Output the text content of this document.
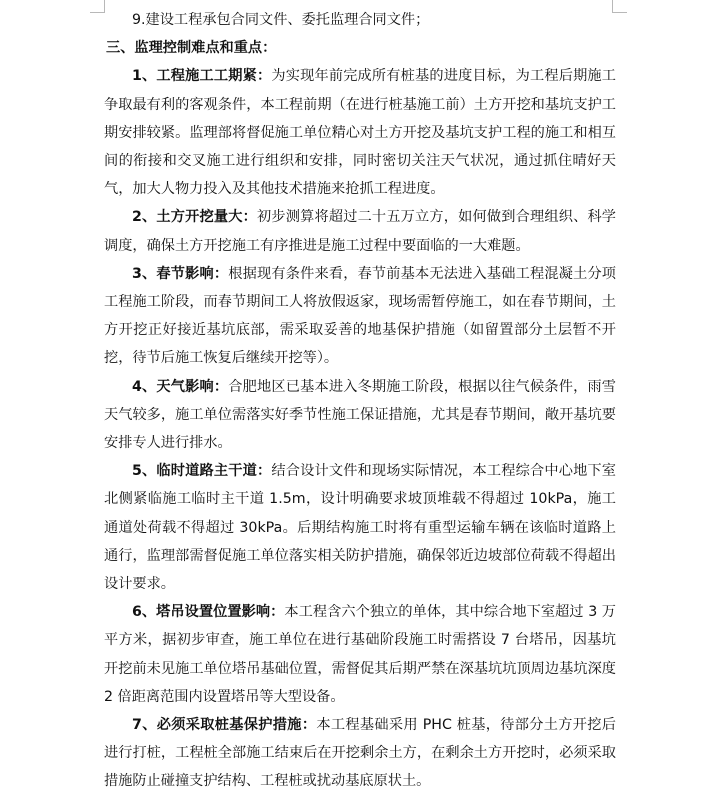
9.建设工程承包合同文件、委托监理合同文件；

三、监理控制难点和重点：

1、工程施工工期紧：为实现年前完成所有桩基的进度目标，为工程后期施工争取最有利的客观条件，本工程前期（在进行桩基施工前）土方开挖和基坑支护工期安排较紧。监理部将督促施工单位精心对土方开挖及基坑支护工程的施工和相互间的衔接和交叉施工进行组织和安排，同时密切关注天气状况，通过抓住晴好天气，加大人物力投入及其他技术措施来抢抓工程进度。

2、土方开挖量大：初步测算将超过二十五万立方，如何做到合理组织、科学调度，确保土方开挖施工有序推进是施工过程中要面临的一大难题。

3、春节影响：根据现有条件来看，春节前基本无法进入基础工程混凝土分项工程施工阶段，而春节期间工人将放假返家，现场需暂停施工，如在春节期间，土方开挖正好接近基坑底部，需采取妥善的地基保护措施（如留置部分土层暂不开挖，待节后施工恢复后继续开挖等）。

4、天气影响：合肥地区已基本进入冬期施工阶段，根据以往气候条件，雨雪天气较多，施工单位需落实好季节性施工保证措施，尤其是春节期间，敞开基坑要安排专人进行排水。

5、临时道路主干道：结合设计文件和现场实际情况，本工程综合中心地下室北侧紧临施工临时主干道 1.5m，设计明确要求坡顶堆载不得超过 10kPa，施工通道处荷载不得超过 30kPa。后期结构施工时将有重型运输车辆在该临时道路上通行，监理部需督促施工单位落实相关防护措施，确保邻近边坡部位荷载不得超出设计要求。

6、塔吊设置位置影响：本工程含六个独立的单体，其中综合地下室超过 3 万平方米，据初步审查，施工单位在进行基础阶段施工时需搭设 7 台塔吊，因基坑开挖前未见施工单位塔吊基础位置，需督促其后期严禁在深基坑坑顶周边基坑深度 2 倍距离范围内设置塔吊等大型设备。

7、必须采取桩基保护措施：本工程基础采用 PHC 桩基，待部分土方开挖后进行打桩，工程桩全部施工结束后在开挖剩余土方，在剩余土方开挖时，必须采取措施防止碰撞支护结构、工程桩或扰动基底原状土。
